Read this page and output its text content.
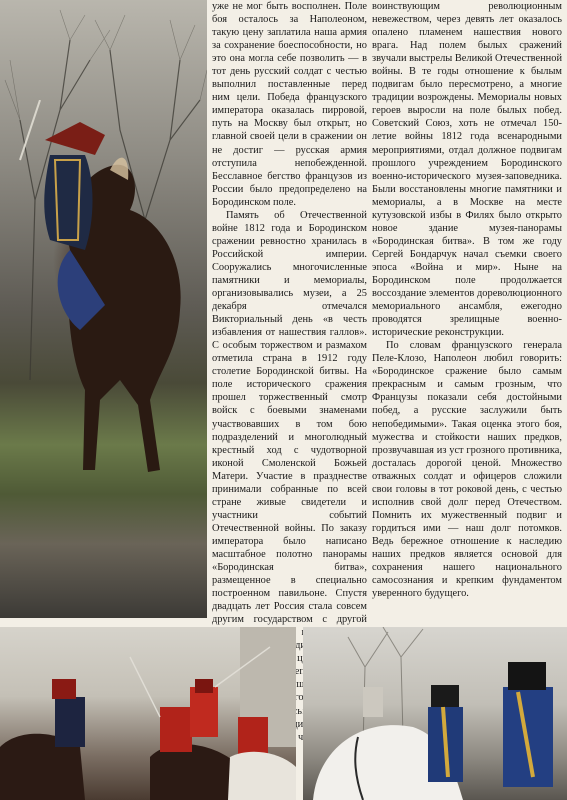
уже не мог быть восполнен. Поле боя осталось за Наполеоном, такую цену заплатила наша армия за сохранение боеспособности, но это она могла себе позволить — в тот день русский солдат с честью выполнил поставленные перед ним цели. Победа французского императора оказалась пирровой, путь на Москву был открыт, но главной своей цели в сражении он не достиг — русская армия отступила непобежденной. Бесславное бегство французов из России было предопределено на Бородинском поле.

Память об Отечественной войне 1812 года и Бородинском сражении ревностно хранилась в Российской империи. Сооружались многочисленные памятники и мемориалы, организовывались музеи, а 25 декабря отмечался Викториальный день «в честь избавления от нашествия галлов». С особым торжеством и размахом отметила страна в 1912 году столетие Бородинской битвы. На поле исторического сражения прошел торжественный смотр войск с боевыми знаменами участвовавших в том бою подразделений и многолюдный крестный ход с чудотворной иконой Смоленской Божьей Матери. Участие в празднестве принимали собранные по всей стране живые свидетели и участники событий Отечественной войны. По заказу императора было написано масштабное полотно панорамы «Бородинская битва», размещенное в специально построенном павильоне. Спустя двадцать лет Россия стала совсем другим государством с другой

воинствующим революционным невежеством, через девять лет оказалось опалено пламенем нашествия нового врага. Над полем былых сражений звучали выстрелы Великой Отечественной войны. В те годы отношение к былым подвигам было пересмотрено, а многие традиции возрождены. Мемориалы новых героев выросли на поле былых побед. Советский Союз, хоть не отмечал 150-летие войны 1812 года всенародными мероприятиями, отдал должное подвигам прошлого учреждением Бородинского военно-исторического музея-заповедника. Были восстановлены многие памятники и мемориалы, а в Москве на месте кутузовской избы в Филях было открыто новое здание музея-панорамы «Бородинская битва». В том же году Сергей Бондарчук начал съемки своего эпоса «Война и мир». Ныне на Бородинском поле продолжается воссоздание элементов дореволюционного мемориального ансамбля, ежегодно проводятся зрелищные военно-исторические реконструкции.

По словам французского генерала Пеле-Клозо, Наполеон любил говорить: «Бородинское сражение было самым прекрасным и самым грозным, что Французы показали себя достойными побед, а русские заслужили быть непобедимыми». Такая оценка этого боя, мужества и стойкости наших предков, прозвучавшая из уст грозного противника, досталась дорогой ценой. Множество отважных солдат и офицеров сложили свои головы в тот роковой день, с честью исполнив свой долг перед Отечеством. Помнить их мужественный подвиг и гордиться ими — наш долг потомков. Ведь бережное отношение к наследию наших предков является основой для сохранения нашего национального самосознания и крепким фундаментом уверенного будущего.
